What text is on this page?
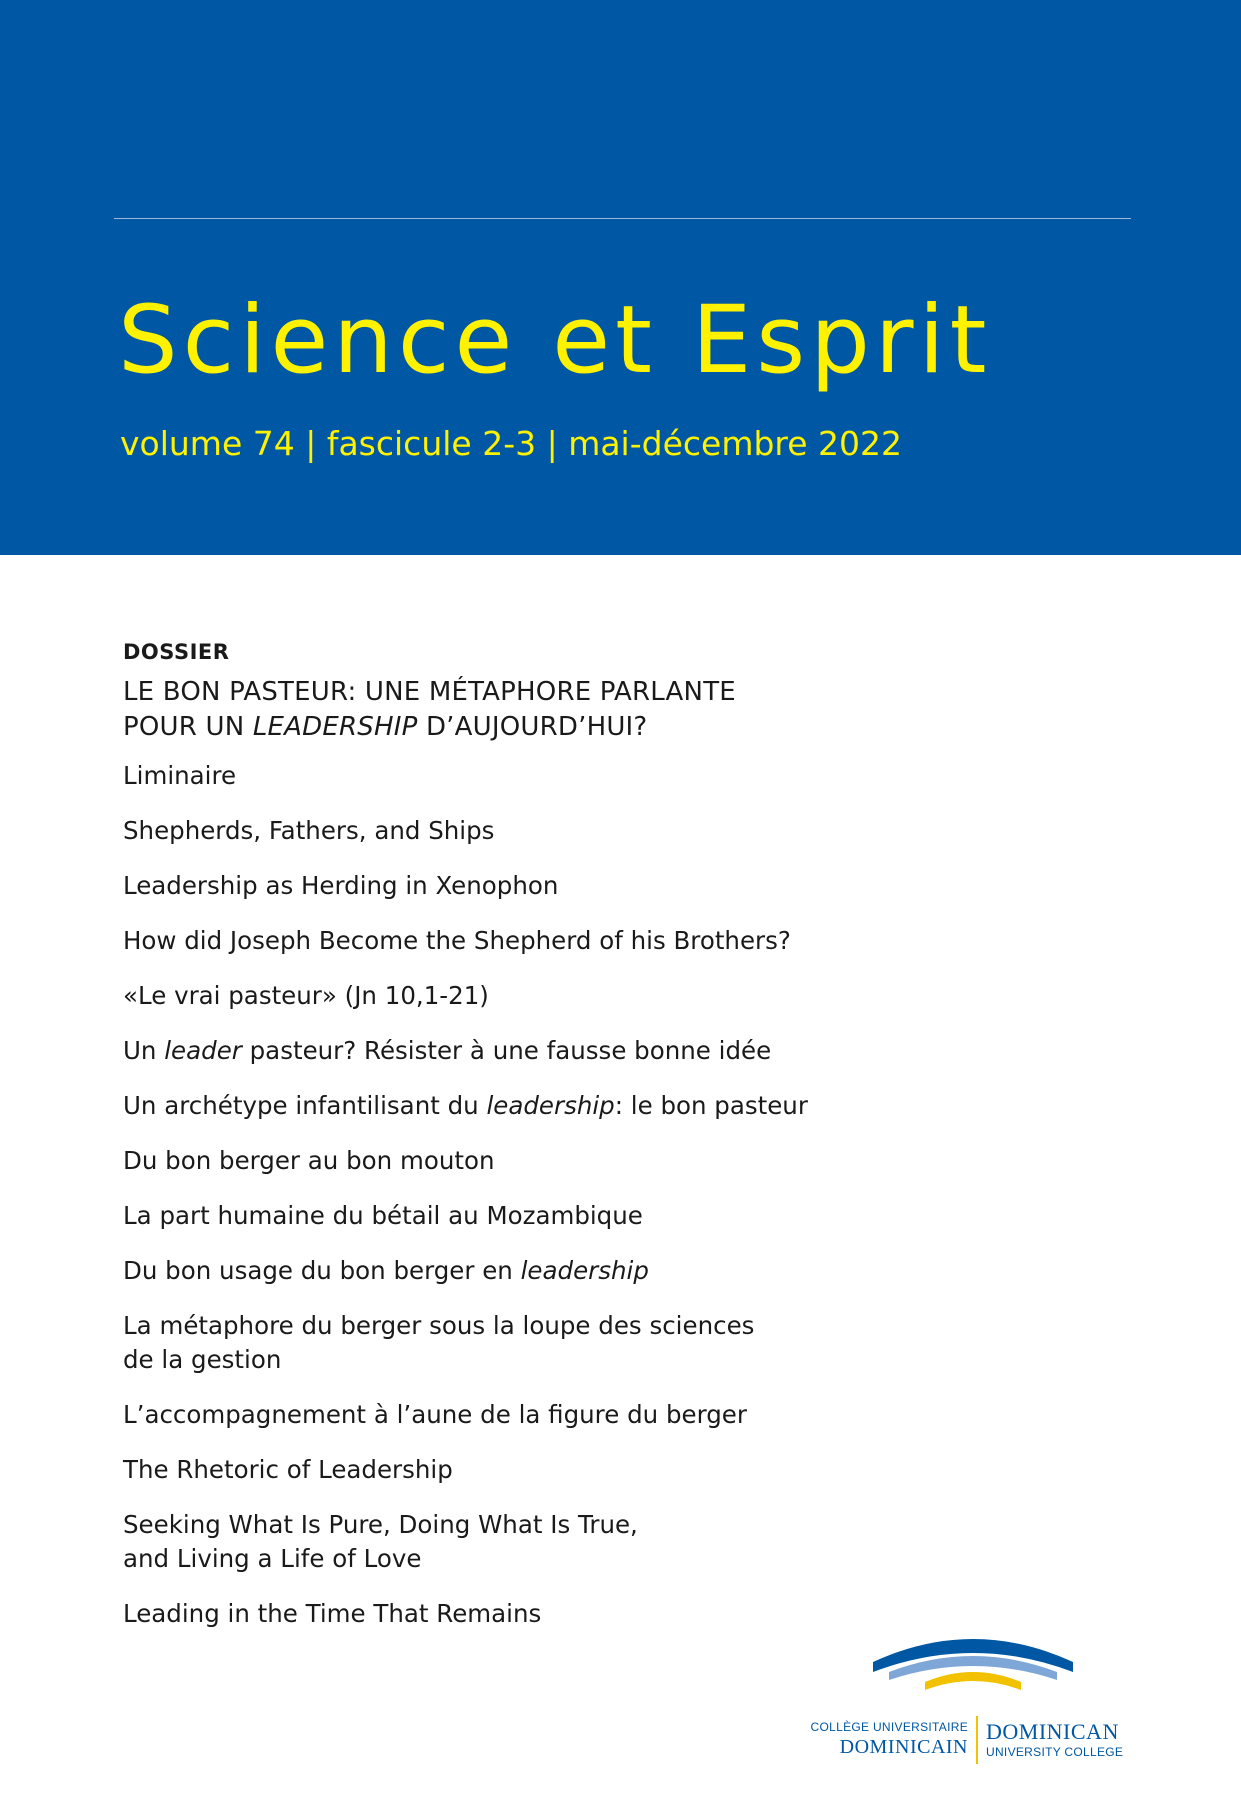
Science et Esprit
volume 74 | fascicule 2-3 | mai-décembre 2022
DOSSIER
LE BON PASTEUR: UNE MÉTAPHORE PARLANTE
POUR UN LEADERSHIP D’AUJOURD’HUI?
Liminaire
Shepherds, Fathers, and Ships
Leadership as Herding in Xenophon
How did Joseph Become the Shepherd of his Brothers?
«Le vrai pasteur» (Jn 10,1-21)
Un leader pasteur? Résister à une fausse bonne idée
Un archétype infantilisant du leadership: le bon pasteur
Du bon berger au bon mouton
La part humaine du bétail au Mozambique
Du bon usage du bon berger en leadership
La métaphore du berger sous la loupe des sciences
de la gestion
L’accompagnement à l’aune de la figure du berger
The Rhetoric of Leadership
Seeking What Is Pure, Doing What Is True,
and Living a Life of Love
Leading in the Time That Remains
COLLÈGE UNIVERSITAIRE
DOMINICAIN
DOMINICAN
UNIVERSITY COLLEGE
